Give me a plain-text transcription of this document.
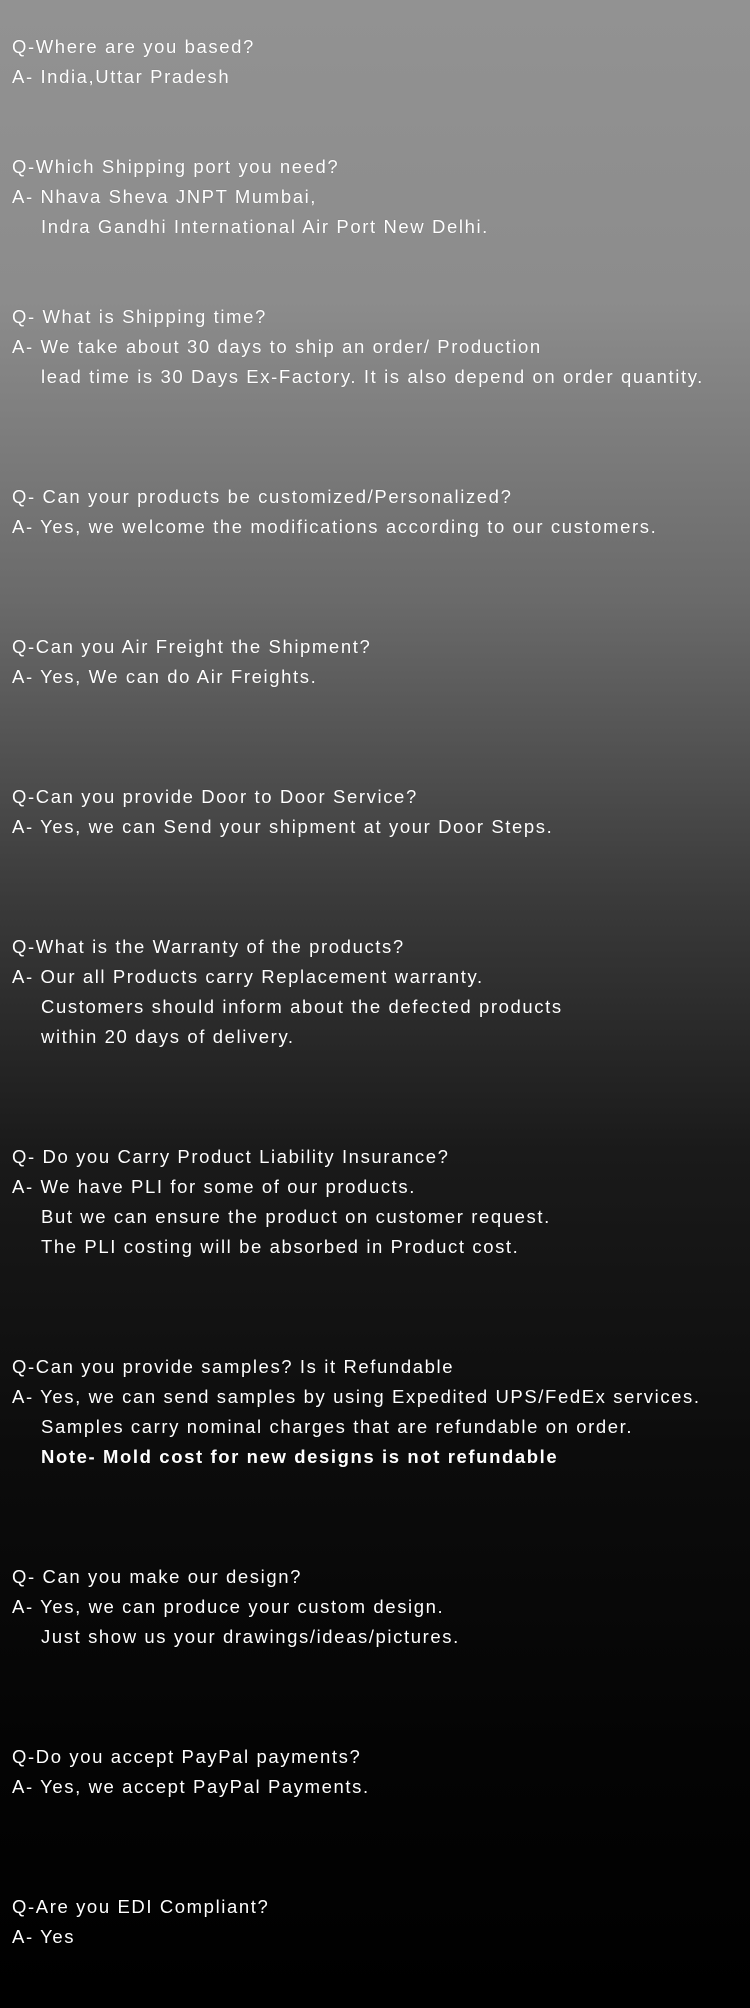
Q-Where are you based?
A- India,Uttar Pradesh
Q-Which Shipping port you need?
A- Nhava Sheva JNPT Mumbai,
Indra Gandhi International Air Port New Delhi.
Q- What is Shipping time?
A- We take about 30 days to ship an order/ Production
lead time is 30 Days Ex-Factory. It is also depend on order quantity.
Q- Can your products be customized/Personalized?
A- Yes, we welcome the modifications according to our customers.
Q-Can you Air Freight the Shipment?
A- Yes, We can do Air Freights.
Q-Can you provide Door to Door Service?
A- Yes, we can Send your shipment at your Door Steps.
Q-What is the Warranty of the products?
A- Our all Products carry Replacement warranty.
Customers should inform about the defected products
within 20 days of delivery.
Q- Do you Carry Product Liability Insurance?
A- We have PLI for some of our products.
But we can ensure the product on customer request.
The PLI costing will be absorbed in Product cost.
Q-Can you provide samples? Is it Refundable
A- Yes, we can send samples by using Expedited UPS/FedEx services.
Samples carry nominal charges that are refundable on order.
Note- Mold cost for new designs is not refundable
Q- Can you make our design?
A- Yes, we can produce your custom design.
Just show us your drawings/ideas/pictures.
Q-Do you accept PayPal payments?
A- Yes, we accept PayPal Payments.
Q-Are you EDI Compliant?
A- Yes
